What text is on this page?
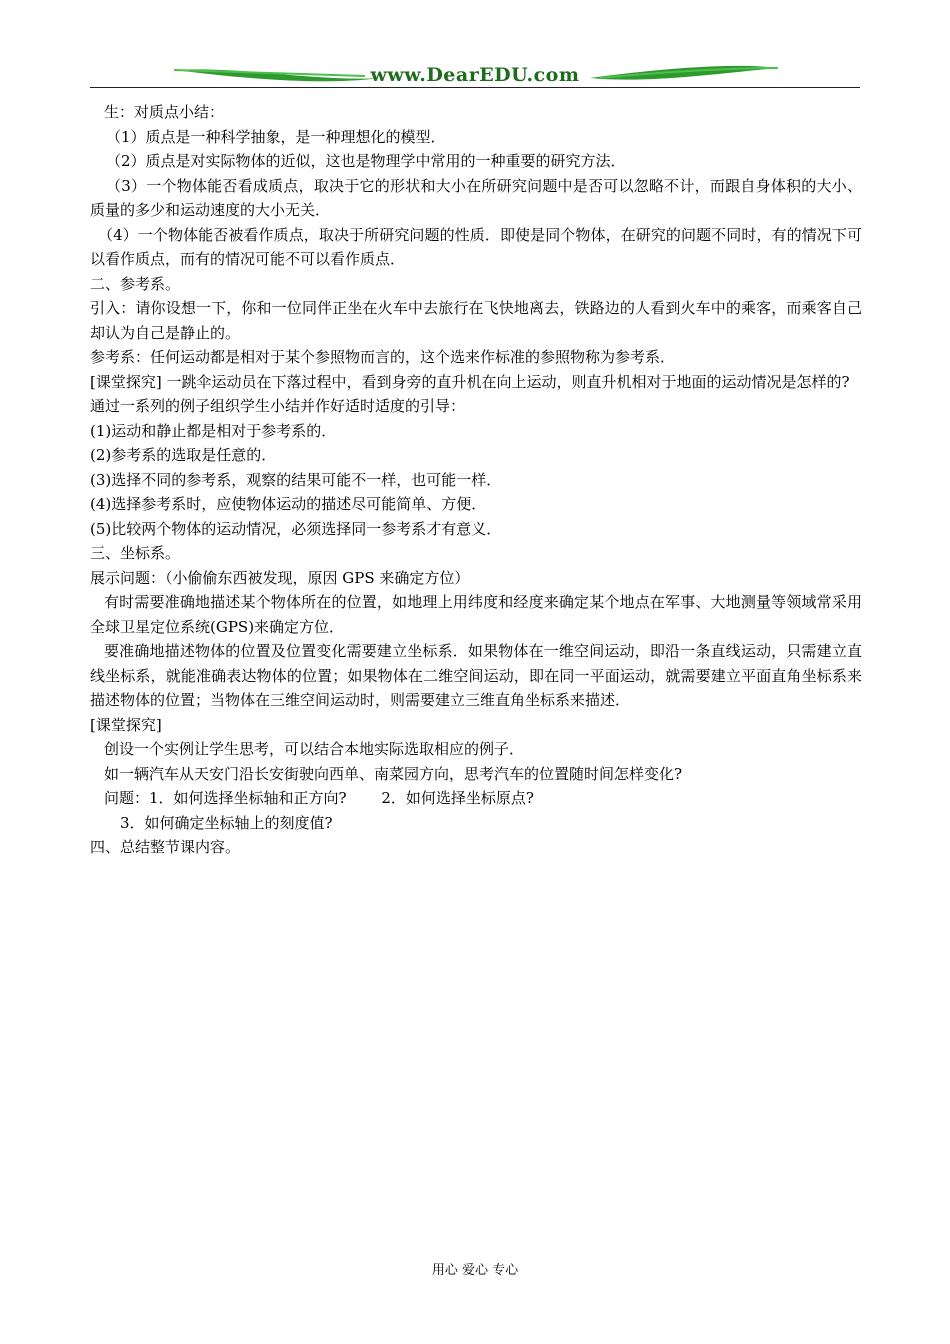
www.DearEDU.com

生：对质点小结：

（1）质点是一种科学抽象，是一种理想化的模型．

（2）质点是对实际物体的近似，这也是物理学中常用的一种重要的研究方法．

（3）一个物体能否看成质点，取决于它的形状和大小在所研究问题中是否可以忽略不计，而跟自身体积的大小、质量的多少和运动速度的大小无关．

（4）一个物体能否被看作质点，取决于所研究问题的性质．即使是同个物体，在研究的问题不同时，有的情况下可以看作质点，而有的情况可能不可以看作质点．

二、参考系。

引入：请你设想一下，你和一位同伴正坐在火车中去旅行在飞快地离去，铁路边的人看到火车中的乘客，而乘客自己却认为自己是静止的。

参考系：任何运动都是相对于某个参照物而言的，这个选来作标准的参照物称为参考系．

[课堂探究] 一跳伞运动员在下落过程中，看到身旁的直升机在向上运动，则直升机相对于地面的运动情况是怎样的?

通过一系列的例子组织学生小结并作好适时适度的引导：

(1)运动和静止都是相对于参考系的．

(2)参考系的选取是任意的．

(3)选择不同的参考系，观察的结果可能不一样，也可能一样．

(4)选择参考系时，应使物体运动的描述尽可能简单、方便．

(5)比较两个物体的运动情况，必须选择同一参考系才有意义．

三、坐标系。

展示问题：（小偷偷东西被发现，原因 GPS 来确定方位）

有时需要准确地描述某个物体所在的位置，如地理上用纬度和经度来确定某个地点在军事、大地测量等领域常采用全球卫星定位系统(GPS)来确定方位．

要准确地描述物体的位置及位置变化需要建立坐标系．如果物体在一维空间运动，即沿一条直线运动，只需建立直线坐标系，就能准确表达物体的位置；如果物体在二维空间运动，即在同一平面运动，就需要建立平面直角坐标系来描述物体的位置；当物体在三维空间运动时，则需要建立三维直角坐标系来描述．

[课堂探究]

创设一个实例让学生思考，可以结合本地实际选取相应的例子．

如一辆汽车从天安门沿长安街驶向西单、南菜园方向，思考汽车的位置随时间怎样变化?

问题：1．如何选择坐标轴和正方向?　　 2．如何选择坐标原点?

3．如何确定坐标轴上的刻度值?

四、总结整节课内容。

用心 爱心 专心
